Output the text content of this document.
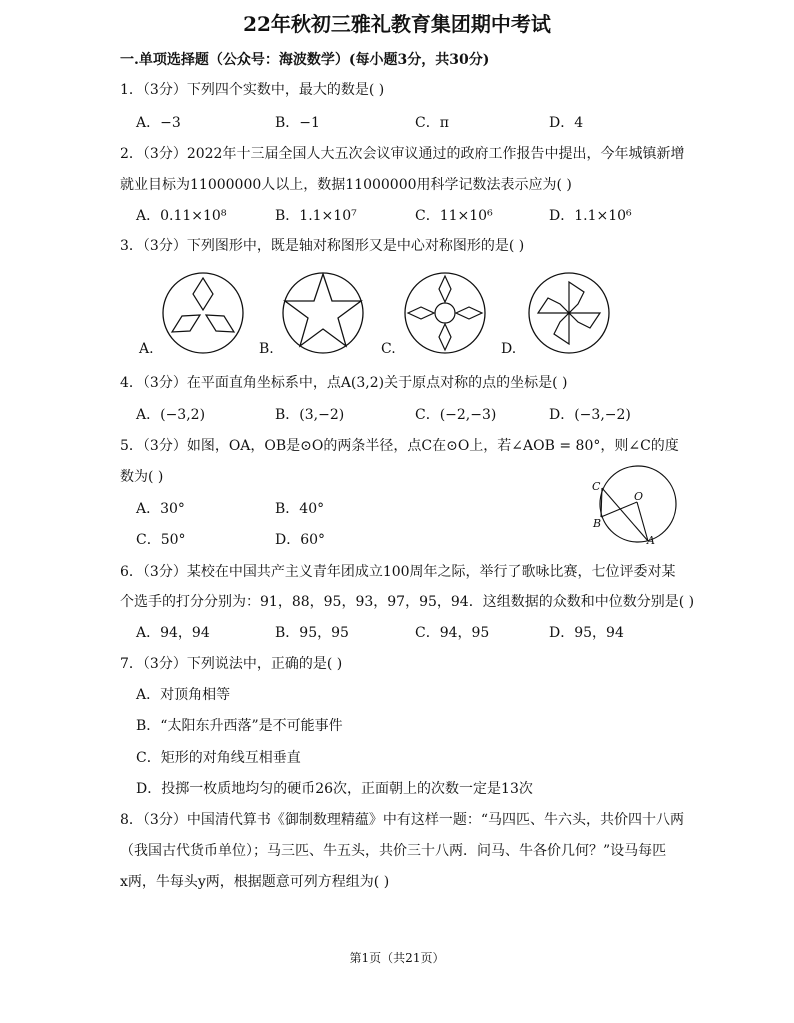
22年秋初三雅礼教育集团期中考试
一.单项选择题（公众号：海波数学）(每小题3分，共30分)
1．（3分）下列四个实数中，最大的数是( )
A．−3	B．−1	C．π	D．4
2．（3分）2022年十三届全国人大五次会议审议通过的政府工作报告中提出，今年城镇新增
就业目标为11000000人以上，数据11000000用科学记数法表示应为( )
A．0.11×10⁸	B．1.1×10⁷	C．11×10⁶	D．1.1×10⁶
3．（3分）下列图形中，既是轴对称图形又是中心对称图形的是( )
A.	B.	C.	D.
4．（3分）在平面直角坐标系中，点A(3,2)关于原点对称的点的坐标是( )
A．(−3,2)	B．(3,−2)	C．(−2,−3)	D．(−3,−2)
5．（3分）如图，OA，OB是⊙O的两条半径，点C在⊙O上，若∠AOB = 80°，则∠C的度
数为( )
A．30°	B．40°
C．50°	D．60°
C
O
B
A
6．（3分）某校在中国共产主义青年团成立100周年之际，举行了歌咏比赛，七位评委对某
个选手的打分分别为：91，88，95，93，97，95，94．这组数据的众数和中位数分别是( )
A．94，94	B．95，95	C．94，95	D．95，94
7．（3分）下列说法中，正确的是( )
A．对顶角相等
B．“太阳东升西落”是不可能事件
C．矩形的对角线互相垂直
D．投掷一枚质地均匀的硬币26次，正面朝上的次数一定是13次
8．（3分）中国清代算书《御制数理精蕴》中有这样一题：“马四匹、牛六头，共价四十八两
（我国古代货币单位）；马三匹、牛五头，共价三十八两．问马、牛各价几何？”设马每匹
x两，牛每头y两，根据题意可列方程组为( )
第1页（共21页）
